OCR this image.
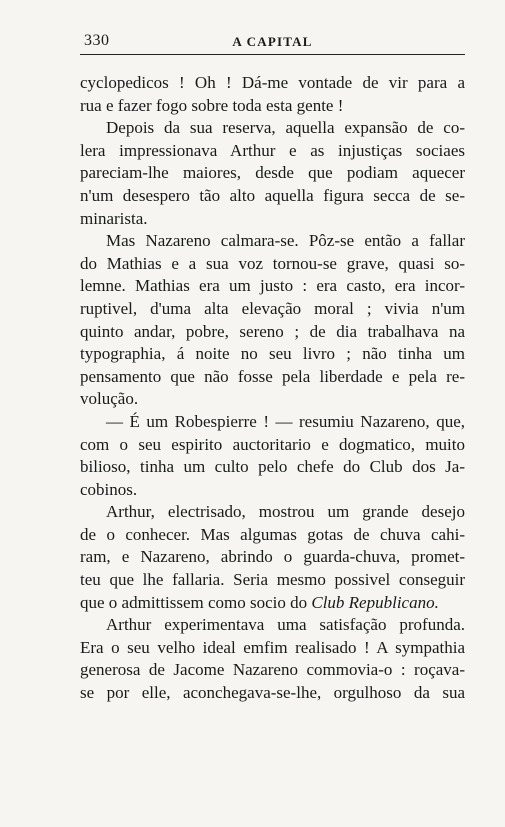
330	A CAPITAL
cyclopedicos ! Oh ! Dá-me vontade de vir para a
rua e fazer fogo sobre toda esta gente !
Depois da sua reserva, aquella expansão de co-
lera impressionava Arthur e as injustiças sociaes
pareciam-lhe maiores, desde que podiam aquecer
n'um desespero tão alto aquella figura secca de se-
minarista.
Mas Nazareno calmara-se. Pôz-se então a fallar
do Mathias e a sua voz tornou-se grave, quasi so-
lemne. Mathias era um justo : era casto, era incor-
ruptivel, d'uma alta elevação moral ; vivia n'um
quinto andar, pobre, sereno ; de dia trabalhava na
typographia, á noite no seu livro ; não tinha um
pensamento que não fosse pela liberdade e pela re-
volução.
— É um Robespierre ! — resumiu Nazareno, que,
com o seu espirito auctoritario e dogmatico, muito
bilioso, tinha um culto pelo chefe do Club dos Ja-
cobinos.
Arthur, electrisado, mostrou um grande desejo
de o conhecer. Mas algumas gotas de chuva cahi-
ram, e Nazareno, abrindo o guarda-chuva, promet-
teu que lhe fallaria. Seria mesmo possivel conseguir
que o admittissem como socio do Club Republicano.
Arthur experimentava uma satisfação profunda.
Era o seu velho ideal emfim realisado ! A sympathia
generosa de Jacome Nazareno commovia-o : roçava-
se por elle, aconchegava-se-lhe, orgulhoso da sua
